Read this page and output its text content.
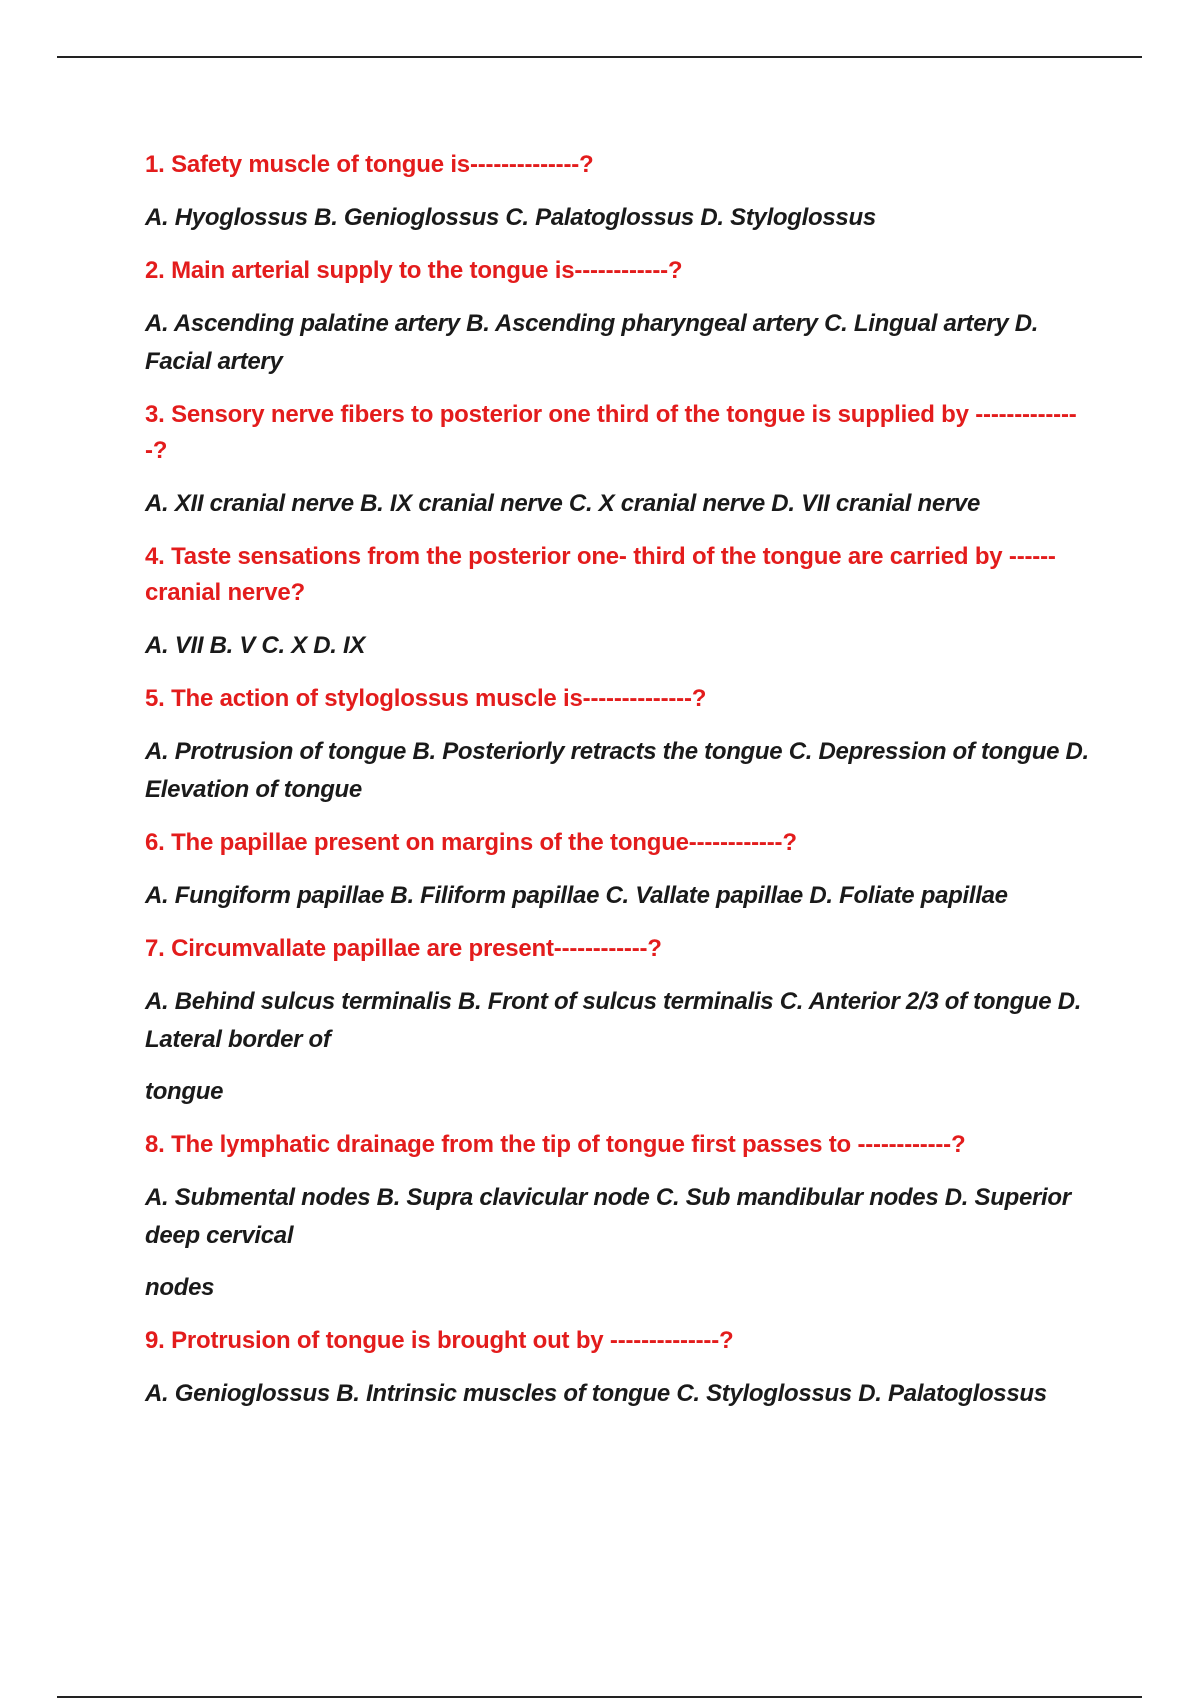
1. Safety muscle of tongue is--------------?

A. Hyoglossus B. Genioglossus C. Palatoglossus D. Styloglossus

2. Main arterial supply to the tongue is------------?

A. Ascending palatine artery B. Ascending pharyngeal artery C. Lingual artery D. Facial artery

3. Sensory nerve fibers to posterior one third of the tongue is supplied by --------------?

A. XII cranial nerve B. IX cranial nerve C. X cranial nerve D. VII cranial nerve

4. Taste sensations from the posterior one- third of the tongue are carried by ------ cranial nerve?

A. VII B. V C. X D. IX

5. The action of styloglossus muscle is--------------?

A. Protrusion of tongue B. Posteriorly retracts the tongue C. Depression of tongue D. Elevation of tongue

6. The papillae present on margins of the tongue------------?

A. Fungiform papillae B. Filiform papillae C. Vallate papillae D. Foliate papillae

7. Circumvallate papillae are present------------?

A. Behind sulcus terminalis B. Front of sulcus terminalis C. Anterior 2/3 of tongue D. Lateral border of

tongue

8. The lymphatic drainage from the tip of tongue first passes to ------------?

A. Submental nodes B. Supra clavicular node C. Sub mandibular nodes D. Superior deep cervical

nodes

9. Protrusion of tongue is brought out by --------------?

A. Genioglossus B. Intrinsic muscles of tongue C. Styloglossus D. Palatoglossus
